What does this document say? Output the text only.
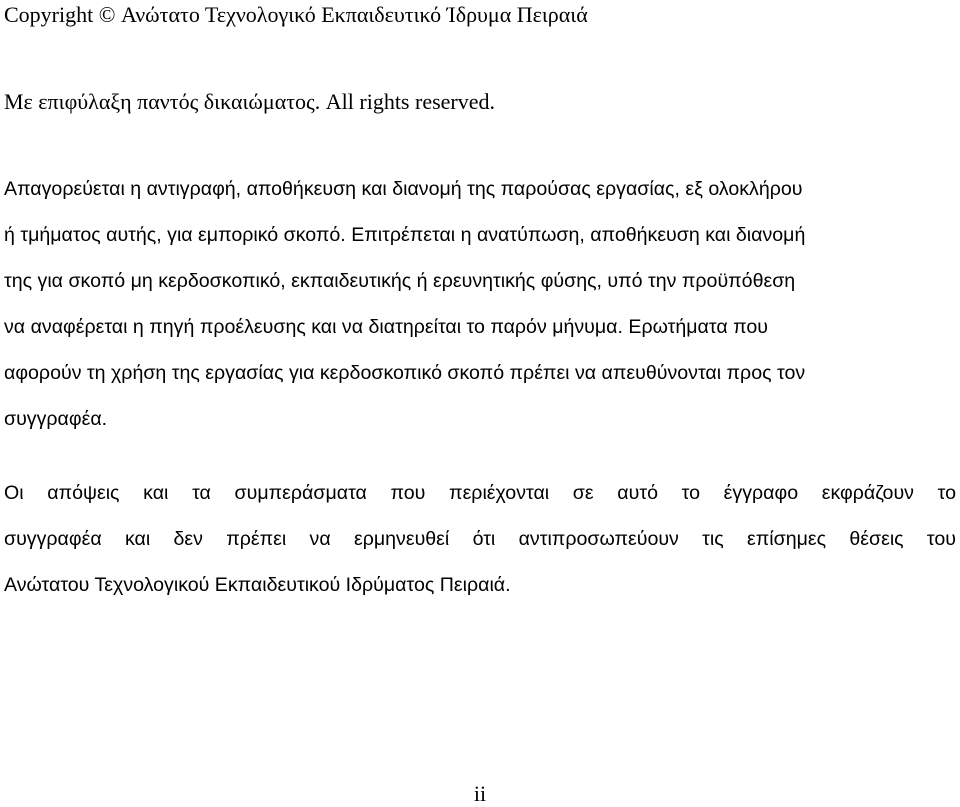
Copyright © Ανώτατο Τεχνολογικό Εκπαιδευτικό Ίδρυμα Πειραιά
Με επιφύλαξη παντός δικαιώματος. All rights reserved.
Απαγορεύεται η αντιγραφή, αποθήκευση και διανομή της παρούσας εργασίας, εξ ολοκλήρου
ή τμήματος αυτής, για εμπορικό σκοπό. Επιτρέπεται η ανατύπωση, αποθήκευση και διανομή
της για σκοπό μη κερδοσκοπικό, εκπαιδευτικής ή ερευνητικής φύσης, υπό την προϋπόθεση
να αναφέρεται η πηγή προέλευσης και να διατηρείται το παρόν μήνυμα. Ερωτήματα που
αφορούν τη χρήση της εργασίας για κερδοσκοπικό σκοπό πρέπει να απευθύνονται προς τον
συγγραφέα.
Οι απόψεις και τα συμπεράσματα που περιέχονται σε αυτό το έγγραφο εκφράζουν το
συγγραφέα και δεν πρέπει να ερμηνευθεί ότι αντιπροσωπεύουν τις επίσημες θέσεις του
Ανώτατου Τεχνολογικού Εκπαιδευτικού Ιδρύματος Πειραιά.
ii
